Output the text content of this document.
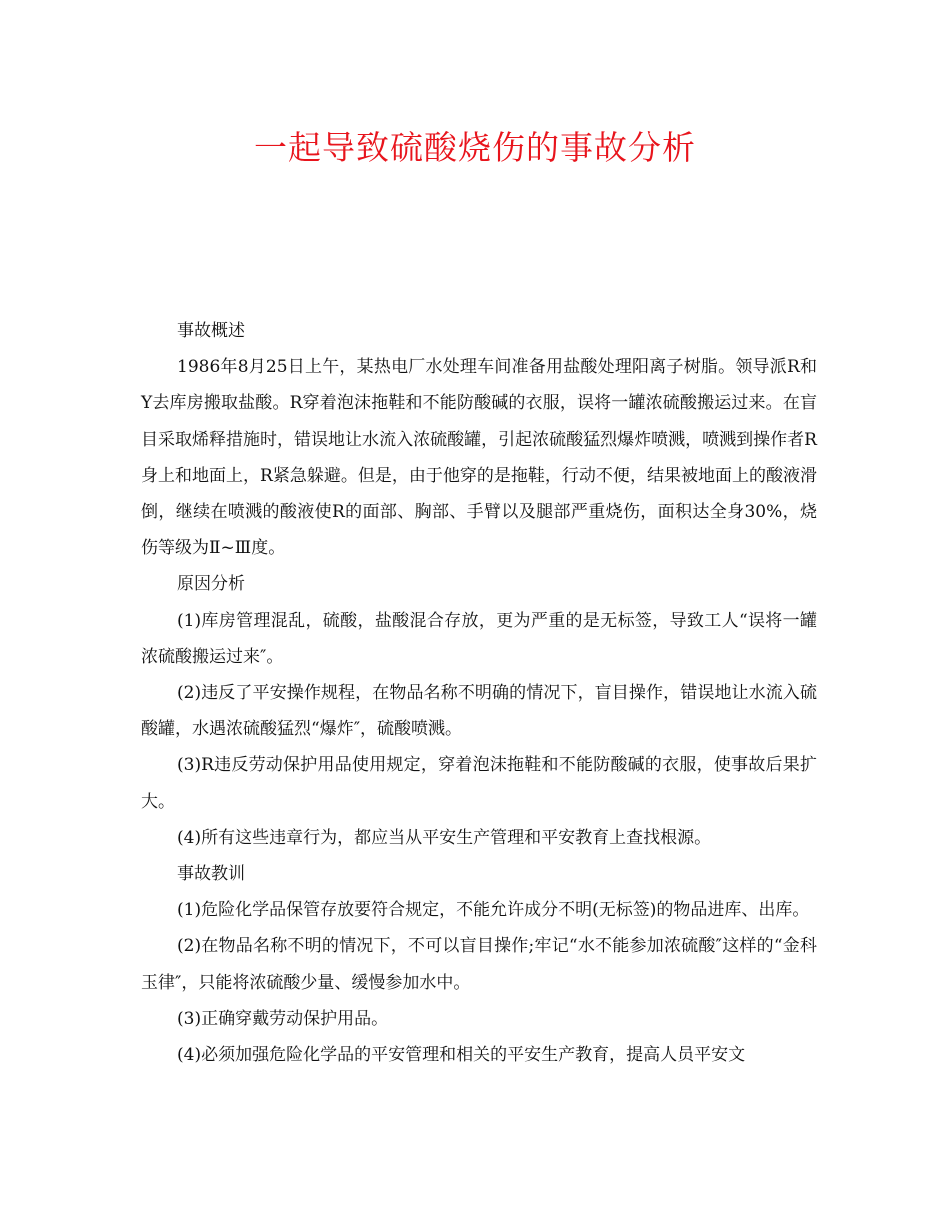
一起导致硫酸烧伤的事故分析

事故概述

1986年8月25日上午，某热电厂水处理车间准备用盐酸处理阳离子树脂。领导派R和Y去库房搬取盐酸。R穿着泡沫拖鞋和不能防酸碱的衣服，误将一罐浓硫酸搬运过来。在盲目采取烯释措施时，错误地让水流入浓硫酸罐，引起浓硫酸猛烈爆炸喷溅，喷溅到操作者R身上和地面上，R紧急躲避。但是，由于他穿的是拖鞋，行动不便，结果被地面上的酸液滑倒，继续在喷溅的酸液使R的面部、胸部、手臂以及腿部严重烧伤，面积达全身30%，烧伤等级为Ⅱ~Ⅲ度。

原因分析

(1)库房管理混乱，硫酸，盐酸混合存放，更为严重的是无标签，导致工人“误将一罐浓硫酸搬运过来″。

(2)违反了平安操作规程，在物品名称不明确的情况下，盲目操作，错误地让水流入硫酸罐，水遇浓硫酸猛烈“爆炸″，硫酸喷溅。

(3)R违反劳动保护用品使用规定，穿着泡沫拖鞋和不能防酸碱的衣服，使事故后果扩大。

(4)所有这些违章行为，都应当从平安生产管理和平安教育上查找根源。

事故教训

(1)危险化学品保管存放要符合规定，不能允许成分不明(无标签)的物品进库、出库。

(2)在物品名称不明的情况下，不可以盲目操作;牢记“水不能参加浓硫酸″这样的“金科玉律″，只能将浓硫酸少量、缓慢参加水中。

(3)正确穿戴劳动保护用品。

(4)必须加强危险化学品的平安管理和相关的平安生产教育，提高人员平安文
